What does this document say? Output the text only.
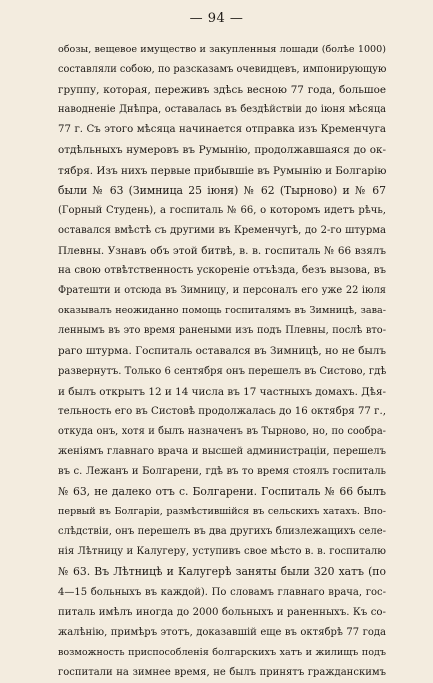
— 94 —
обозы, вещевое имущество и закупленныя лошади (болѣе 1000)
составляли собою, по разсказамъ очевидцевъ, импонирующую
группу, которая, переживъ здѣсь весною 77 года, большое
наводненіе Днѣпра, оставалась въ бездѣйствіи до іюня мѣсяца
77 г. Съ этого мѣсяца начинается отправка изъ Кременчуга
отдѣльныхъ нумеровъ въ Румынію, продолжавшаяся до ок-
тября. Изъ нихъ первые прибывшіе въ Румынію и Болгарію
были № 63 (Зимница 25 іюня) № 62 (Тырново) и № 67
(Горный Студень), а госпиталь № 66, о которомъ идетъ рѣчь,
оставался вмѣстѣ съ другими въ Кременчугѣ, до 2-го штурма
Плевны. Узнавъ объ этой битвѣ, в. в. госпиталь № 66 взялъ
на свою отвѣтственность ускореніе отъѣзда, безъ вызова, въ
Фратешти и отсюда въ Зимницу, и персоналъ его уже 22 іюля
оказывалъ неожиданно помощь госпиталямъ въ Зимницѣ, зава-
леннымъ въ это время ранеными изъ подъ Плевны, послѣ вто-
раго штурма. Госпиталь оставался въ Зимницѣ, но не былъ
развернутъ. Только 6 сентября онъ перешелъ въ Систово, гдѣ
и былъ открытъ 12 и 14 числа въ 17 частныхъ домахъ. Дѣя-
тельность его въ Систовѣ продолжалась до 16 октября 77 г.,
откуда онъ, хотя и былъ назначенъ въ Тырново, но, по сообра-
женіямъ главнаго врача и высшей администраціи, перешелъ
въ с. Лежанъ и Болгарени, гдѣ въ то время стоялъ госпиталь
№ 63, не далеко отъ с. Болгарени. Госпиталь № 66 былъ
первый въ Болгаріи, размѣстившійся въ сельскихъ хатахъ. Впо-
слѣдствіи, онъ перешелъ въ два другихъ близлежащихъ селе-
нія Лѣтницу и Калугеру, уступивъ свое мѣсто в. в. госпиталю
№ 63. Въ Лѣтницѣ и Калугерѣ заняты были 320 хатъ (по
4—15 больныхъ въ каждой). По словамъ главнаго врача, гос-
питаль имѣлъ иногда до 2000 больныхъ и раненныхъ. Къ со-
жалѣнію, примѣръ этотъ, доказавшій еще въ октябрѣ 77 года
возможность приспособленія болгарскихъ хатъ и жилищъ подъ
госпитали на зимнее время, не былъ принятъ гражданскимъ
